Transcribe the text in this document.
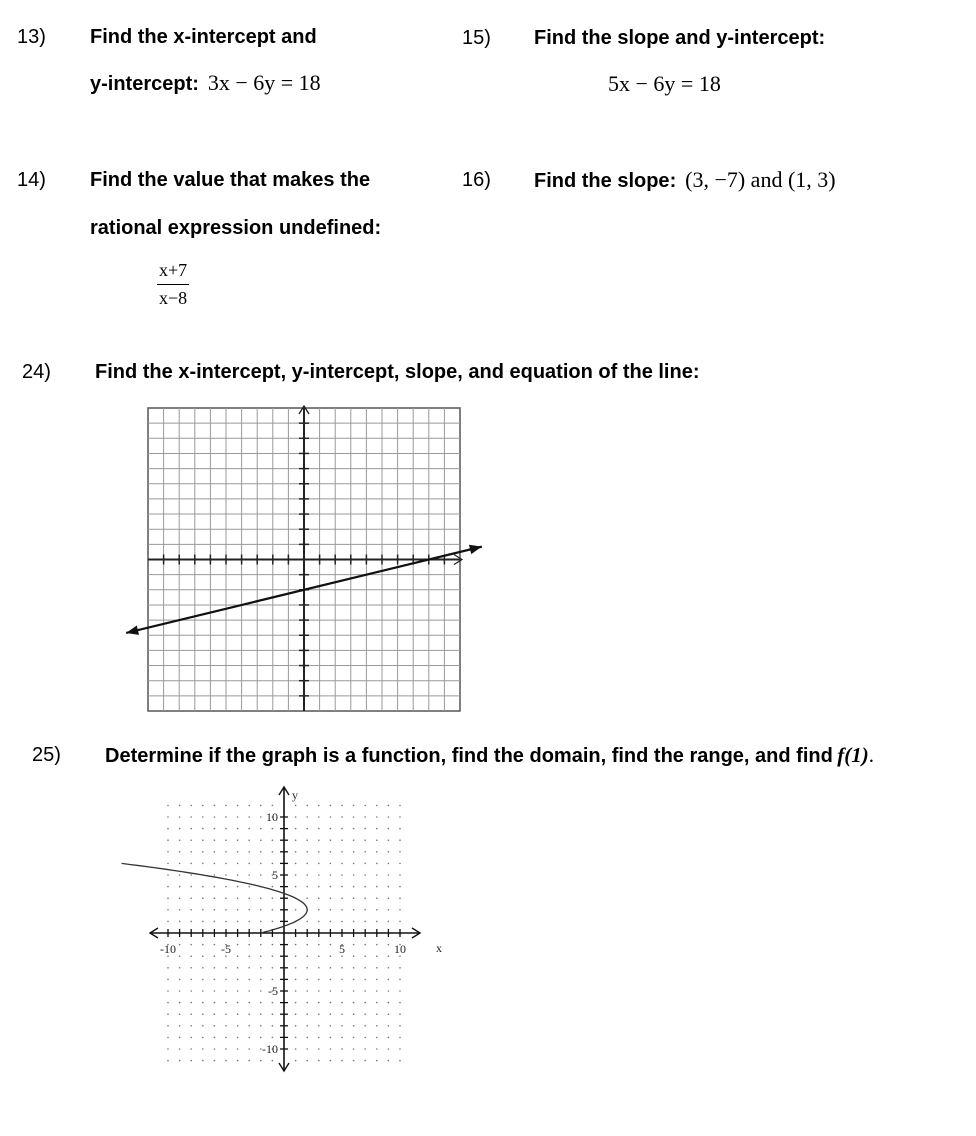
13) Find the x-intercept and
y-intercept: 3x − 6y = 18
15) Find the slope and y-intercept:
5x − 6y = 18
14) Find the value that makes the
rational expression undefined:
$\frac{x+7}{x-8}$
16) Find the slope: (3, −7) and (1, 3)
24) Find the x-intercept, y-intercept, slope, and equation of the line:
25) Determine if the graph is a function, find the domain, find the range, and find f(1).
-10	-5	5	10
10
5
-5
-10
x
y
